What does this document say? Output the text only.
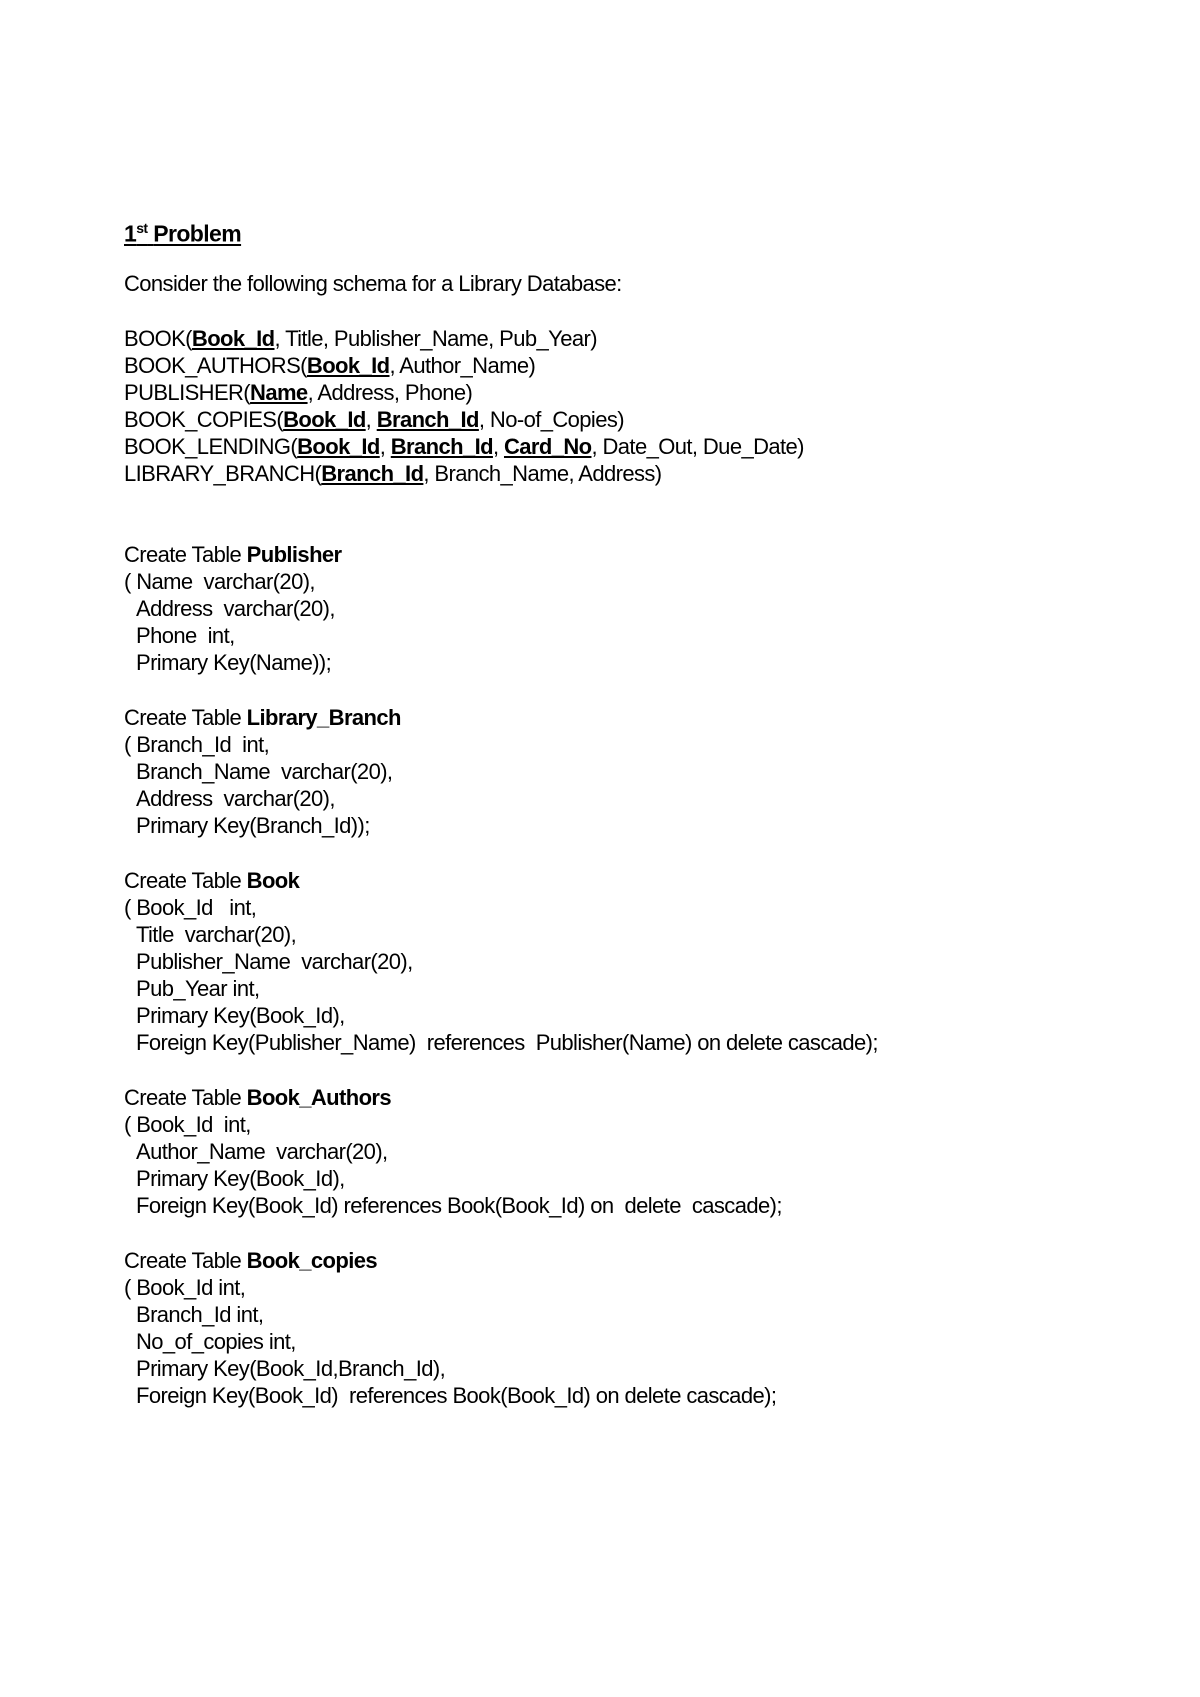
1st Problem
Consider the following schema for a Library Database:
BOOK(Book_Id, Title, Publisher_Name, Pub_Year)
BOOK_AUTHORS(Book_Id, Author_Name)
PUBLISHER(Name, Address, Phone)
BOOK_COPIES(Book_Id, Branch_Id, No-of_Copies)
BOOK_LENDING(Book_Id, Branch_Id, Card_No, Date_Out, Due_Date)
LIBRARY_BRANCH(Branch_Id, Branch_Name, Address)
Create Table Publisher
( Name  varchar(20),
Address  varchar(20),
Phone  int,
Primary Key(Name));
Create Table Library_Branch
( Branch_Id  int,
Branch_Name  varchar(20),
Address  varchar(20),
Primary Key(Branch_Id));
Create Table Book
( Book_Id   int,
Title  varchar(20),
Publisher_Name  varchar(20),
Pub_Year int,
Primary Key(Book_Id),
Foreign Key(Publisher_Name)  references  Publisher(Name) on delete cascade);
Create Table Book_Authors
( Book_Id  int,
Author_Name  varchar(20),
Primary Key(Book_Id),
Foreign Key(Book_Id) references Book(Book_Id) on  delete  cascade);
Create Table Book_copies
( Book_Id int,
Branch_Id int,
No_of_copies int,
Primary Key(Book_Id,Branch_Id),
Foreign Key(Book_Id)  references Book(Book_Id) on delete cascade);
